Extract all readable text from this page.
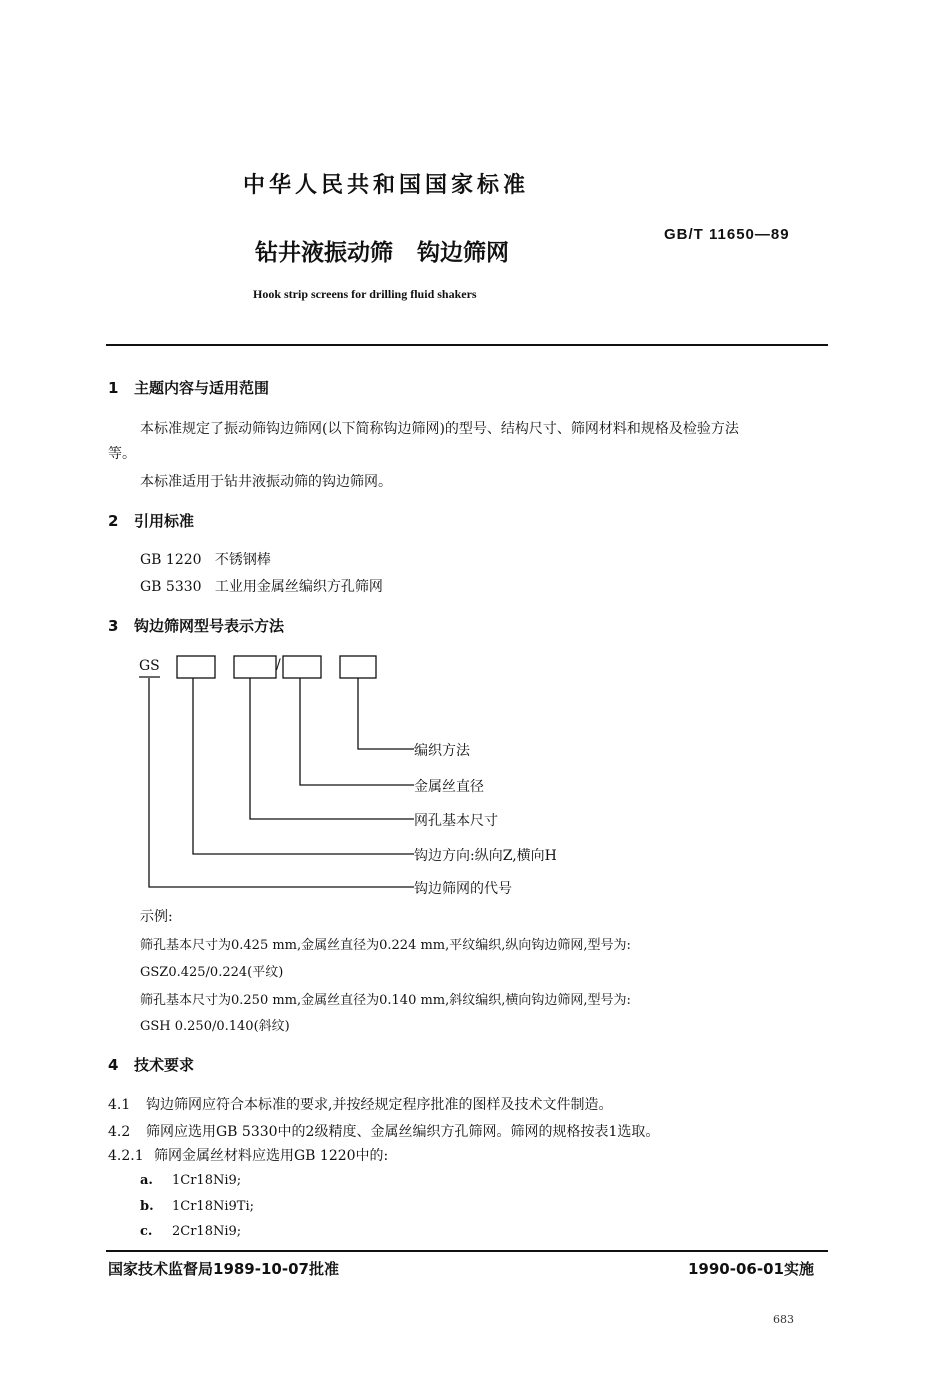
中华人民共和国国家标准
GB/T 11650—89
钻井液振动筛 钩边筛网
Hook strip screens for drilling fluid shakers
1 主题内容与适用范围
本标准规定了振动筛钩边筛网(以下简称钩边筛网)的型号、结构尺寸、筛网材料和规格及检验方法
等。
本标准适用于钻井液振动筛的钩边筛网。
2 引用标准
GB 1220 不锈钢棒
GB 5330 工业用金属丝编织方孔筛网
3 钩边筛网型号表示方法
GS	/
编织方法
金属丝直径
网孔基本尺寸
钩边方向:纵向Z,横向H
钩边筛网的代号
示例:
筛孔基本尺寸为0.425 mm,金属丝直径为0.224 mm,平纹编织,纵向钩边筛网,型号为:
GSZ0.425/0.224(平纹)
筛孔基本尺寸为0.250 mm,金属丝直径为0.140 mm,斜纹编织,横向钩边筛网,型号为:
GSH 0.250/0.140(斜纹)
4 技术要求
4.1 钩边筛网应符合本标准的要求,并按经规定程序批准的图样及技术文件制造。
4.2 筛网应选用GB 5330中的2级精度、金属丝编织方孔筛网。筛网的规格按表1选取。
4.2.1 筛网金属丝材料应选用GB 1220中的:
a. 1Cr18Ni9;
b. 1Cr18Ni9Ti;
c. 2Cr18Ni9;
国家技术监督局1989-10-07批准	1990-06-01实施
683
